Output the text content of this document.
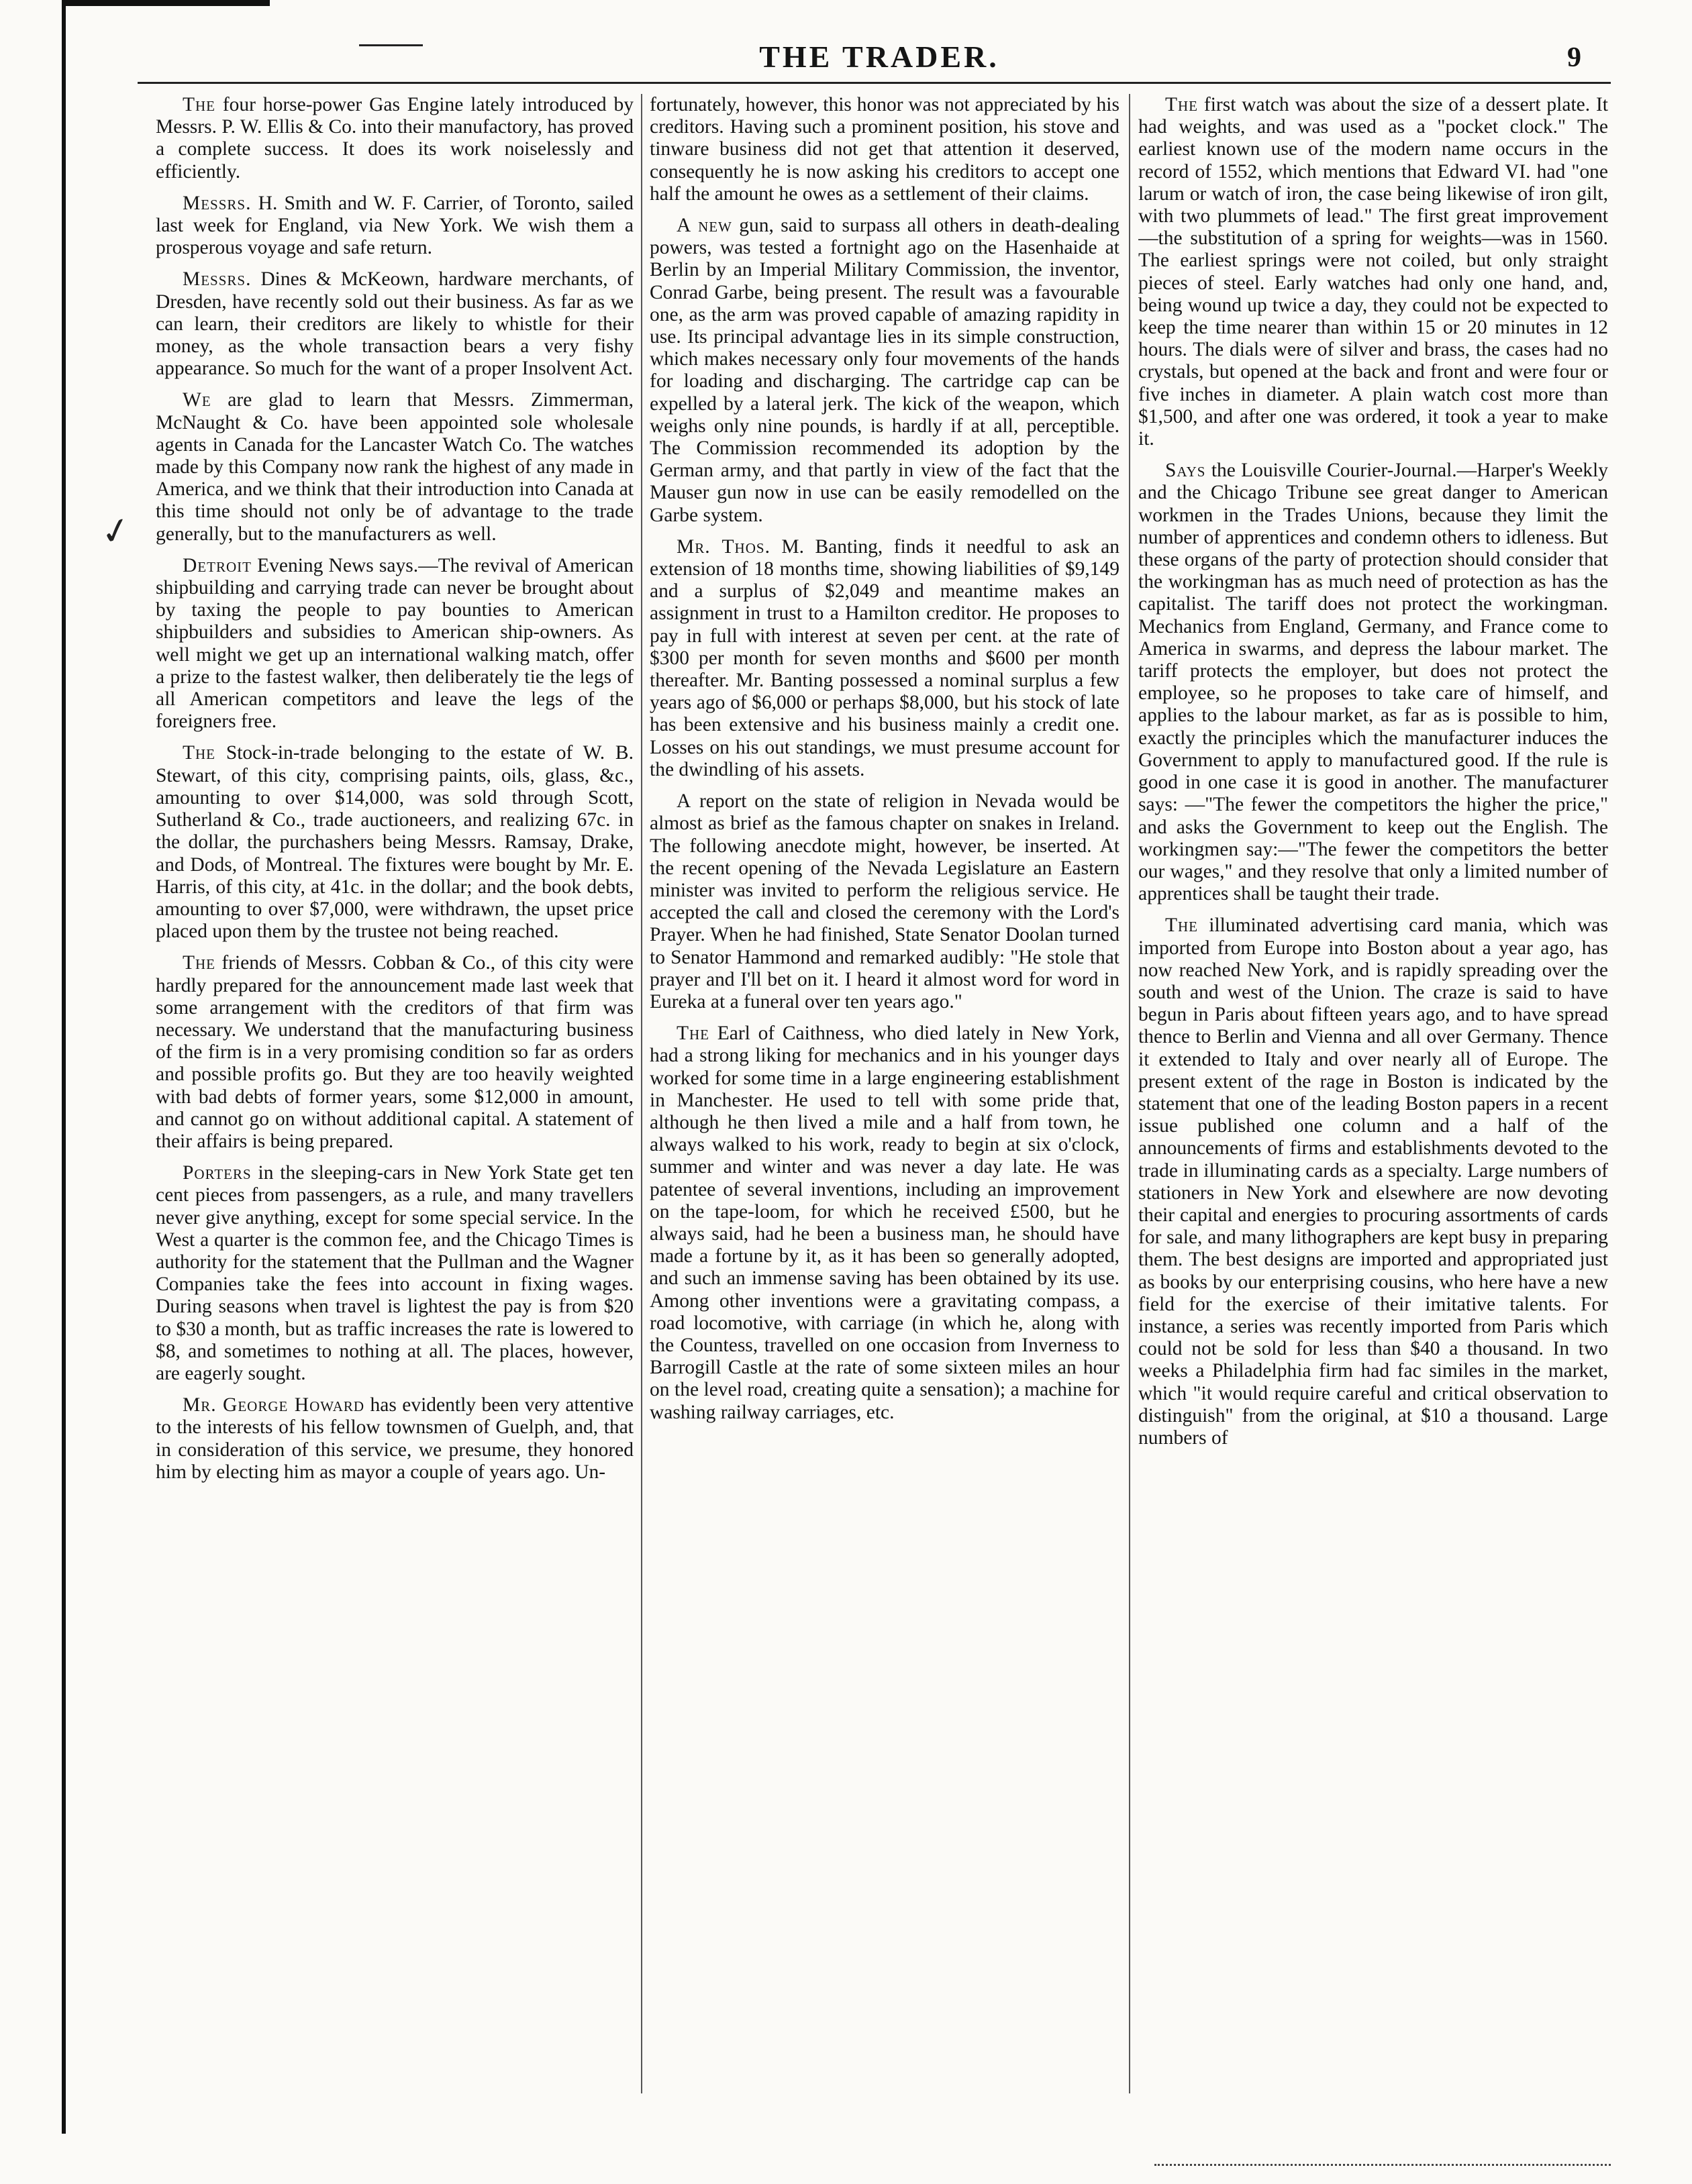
THE TRADER.	9
✓

The four horse-power Gas Engine lately introduced by Messrs. P. W. Ellis & Co. into their manufactory, has proved a complete success. It does its work noiselessly and efficiently.

Messrs. H. Smith and W. F. Carrier, of Toronto, sailed last week for England, via New York. We wish them a prosperous voyage and safe return.

Messrs. Dines & McKeown, hardware merchants, of Dresden, have recently sold out their business. As far as we can learn, their creditors are likely to whistle for their money, as the whole transaction bears a very fishy appearance. So much for the want of a proper Insolvent Act.

We are glad to learn that Messrs. Zimmerman, McNaught & Co. have been appointed sole wholesale agents in Canada for the Lancaster Watch Co. The watches made by this Company now rank the highest of any made in America, and we think that their introduction into Canada at this time should not only be of advantage to the trade generally, but to the manufacturers as well.

Detroit Evening News says.—The revival of American shipbuilding and carrying trade can never be brought about by taxing the people to pay bounties to American shipbuilders and subsidies to American ship-owners. As well might we get up an international walking match, offer a prize to the fastest walker, then deliberately tie the legs of all American competitors and leave the legs of the foreigners free.

The Stock-in-trade belonging to the estate of W. B. Stewart, of this city, comprising paints, oils, glass, &c., amounting to over $14,000, was sold through Scott, Sutherland & Co., trade auctioneers, and realizing 67c. in the dollar, the purchashers being Messrs. Ramsay, Drake, and Dods, of Montreal. The fixtures were bought by Mr. E. Harris, of this city, at 41c. in the dollar; and the book debts, amounting to over $7,000, were withdrawn, the upset price placed upon them by the trustee not being reached.

The friends of Messrs. Cobban & Co., of this city were hardly prepared for the announcement made last week that some arrangement with the creditors of that firm was necessary. We understand that the manufacturing business of the firm is in a very promising condition so far as orders and possible profits go. But they are too heavily weighted with bad debts of former years, some $12,000 in amount, and cannot go on without additional capital. A statement of their affairs is being prepared.

Porters in the sleeping-cars in New York State get ten cent pieces from passengers, as a rule, and many travellers never give anything, except for some special service. In the West a quarter is the common fee, and the Chicago Times is authority for the statement that the Pullman and the Wagner Companies take the fees into account in fixing wages. During seasons when travel is lightest the pay is from $20 to $30 a month, but as traffic increases the rate is lowered to $8, and sometimes to nothing at all. The places, however, are eagerly sought.

Mr. George Howard has evidently been very attentive to the interests of his fellow townsmen of Guelph, and, that in consideration of this service, we presume, they honored him by electing him as mayor a couple of years ago. Un-

fortunately, however, this honor was not appreciated by his creditors. Having such a prominent position, his stove and tinware business did not get that attention it deserved, consequently he is now asking his creditors to accept one half the amount he owes as a settlement of their claims.

A new gun, said to surpass all others in death-dealing powers, was tested a fortnight ago on the Hasenhaide at Berlin by an Imperial Military Commission, the inventor, Conrad Garbe, being present. The result was a favourable one, as the arm was proved capable of amazing rapidity in use. Its principal advantage lies in its simple construction, which makes necessary only four movements of the hands for loading and discharging. The cartridge cap can be expelled by a lateral jerk. The kick of the weapon, which weighs only nine pounds, is hardly if at all, perceptible. The Commission recommended its adoption by the German army, and that partly in view of the fact that the Mauser gun now in use can be easily remodelled on the Garbe system.

Mr. Thos. M. Banting, finds it needful to ask an extension of 18 months time, showing liabilities of $9,149 and a surplus of $2,049 and meantime makes an assignment in trust to a Hamilton creditor. He proposes to pay in full with interest at seven per cent. at the rate of $300 per month for seven months and $600 per month thereafter. Mr. Banting possessed a nominal surplus a few years ago of $6,000 or perhaps $8,000, but his stock of late has been extensive and his business mainly a credit one. Losses on his out standings, we must presume account for the dwindling of his assets.

A report on the state of religion in Nevada would be almost as brief as the famous chapter on snakes in Ireland. The following anecdote might, however, be inserted. At the recent opening of the Nevada Legislature an Eastern minister was invited to perform the religious service. He accepted the call and closed the ceremony with the Lord's Prayer. When he had finished, State Senator Doolan turned to Senator Hammond and remarked audibly: "He stole that prayer and I'll bet on it. I heard it almost word for word in Eureka at a funeral over ten years ago."

The Earl of Caithness, who died lately in New York, had a strong liking for mechanics and in his younger days worked for some time in a large engineering establishment in Manchester. He used to tell with some pride that, although he then lived a mile and a half from town, he always walked to his work, ready to begin at six o'clock, summer and winter and was never a day late. He was patentee of several inventions, including an improvement on the tape-loom, for which he received £500, but he always said, had he been a business man, he should have made a fortune by it, as it has been so generally adopted, and such an immense saving has been obtained by its use. Among other inventions were a gravitating compass, a road locomotive, with carriage (in which he, along with the Countess, travelled on one occasion from Inverness to Barrogill Castle at the rate of some sixteen miles an hour on the level road, creating quite a sensation); a machine for washing railway carriages, etc.

The first watch was about the size of a dessert plate. It had weights, and was used as a "pocket clock." The earliest known use of the modern name occurs in the record of 1552, which mentions that Edward VI. had "one larum or watch of iron, the case being likewise of iron gilt, with two plummets of lead." The first great improvement—the substitution of a spring for weights—was in 1560. The earliest springs were not coiled, but only straight pieces of steel. Early watches had only one hand, and, being wound up twice a day, they could not be expected to keep the time nearer than within 15 or 20 minutes in 12 hours. The dials were of silver and brass, the cases had no crystals, but opened at the back and front and were four or five inches in diameter. A plain watch cost more than $1,500, and after one was ordered, it took a year to make it.

Says the Louisville Courier-Journal.—Harper's Weekly and the Chicago Tribune see great danger to American workmen in the Trades Unions, because they limit the number of apprentices and condemn others to idleness. But these organs of the party of protection should consider that the workingman has as much need of protection as has the capitalist. The tariff does not protect the workingman. Mechanics from England, Germany, and France come to America in swarms, and depress the labour market. The tariff protects the employer, but does not protect the employee, so he proposes to take care of himself, and applies to the labour market, as far as is possible to him, exactly the principles which the manufacturer induces the Government to apply to manufactured good. If the rule is good in one case it is good in another. The manufacturer says: —"The fewer the competitors the higher the price," and asks the Government to keep out the English. The workingmen say:—"The fewer the competitors the better our wages," and they resolve that only a limited number of apprentices shall be taught their trade.

The illuminated advertising card mania, which was imported from Europe into Boston about a year ago, has now reached New York, and is rapidly spreading over the south and west of the Union. The craze is said to have begun in Paris about fifteen years ago, and to have spread thence to Berlin and Vienna and all over Germany. Thence it extended to Italy and over nearly all of Europe. The present extent of the rage in Boston is indicated by the statement that one of the leading Boston papers in a recent issue published one column and a half of the announcements of firms and establishments devoted to the trade in illuminating cards as a specialty. Large numbers of stationers in New York and elsewhere are now devoting their capital and energies to procuring assortments of cards for sale, and many lithographers are kept busy in preparing them. The best designs are imported and appropriated just as books by our enterprising cousins, who here have a new field for the exercise of their imitative talents. For instance, a series was recently imported from Paris which could not be sold for less than $40 a thousand. In two weeks a Philadelphia firm had fac similes in the market, which "it would require careful and critical observation to distinguish" from the original, at $10 a thousand. Large numbers of
